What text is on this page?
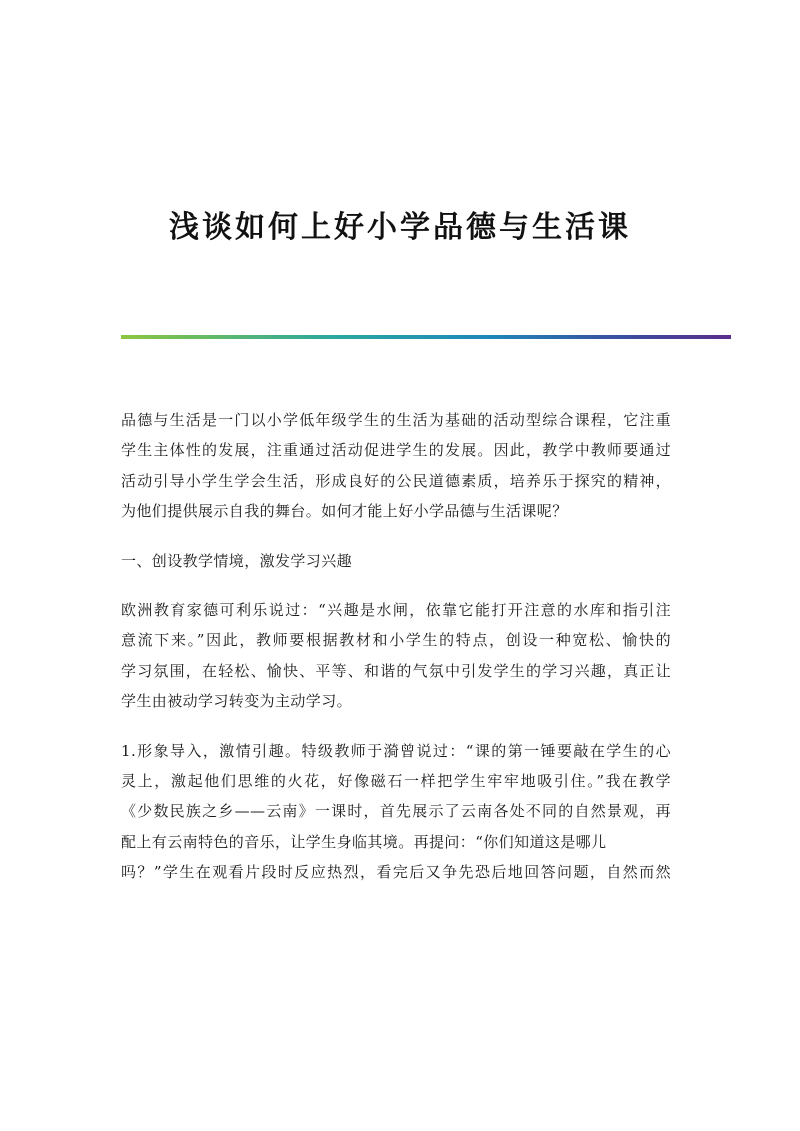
浅谈如何上好小学品德与生活课

品德与生活是一门以小学低年级学生的生活为基础的活动型综合课程，它注重
学生主体性的发展，注重通过活动促进学生的发展。因此，教学中教师要通过
活动引导小学生学会生活，形成良好的公民道德素质，培养乐于探究的精神，
为他们提供展示自我的舞台。如何才能上好小学品德与生活课呢？

一、创设教学情境，激发学习兴趣

欧洲教育家德可利乐说过：“兴趣是水闸，依靠它能打开注意的水库和指引注
意流下来。”因此，教师要根据教材和小学生的特点，创设一种宽松、愉快的
学习氛围，在轻松、愉快、平等、和谐的气氛中引发学生的学习兴趣，真正让
学生由被动学习转变为主动学习。

1.形象导入，激情引趣。特级教师于漪曾说过：“课的第一锤要敲在学生的心
灵上，激起他们思维的火花，好像磁石一样把学生牢牢地吸引住。”我在教学
《少数民族之乡——云南》一课时，首先展示了云南各处不同的自然景观，再
配上有云南特色的音乐，让学生身临其境。再提问：“你们知道这是哪儿
吗？”学生在观看片段时反应热烈，看完后又争先恐后地回答问题，自然而然
